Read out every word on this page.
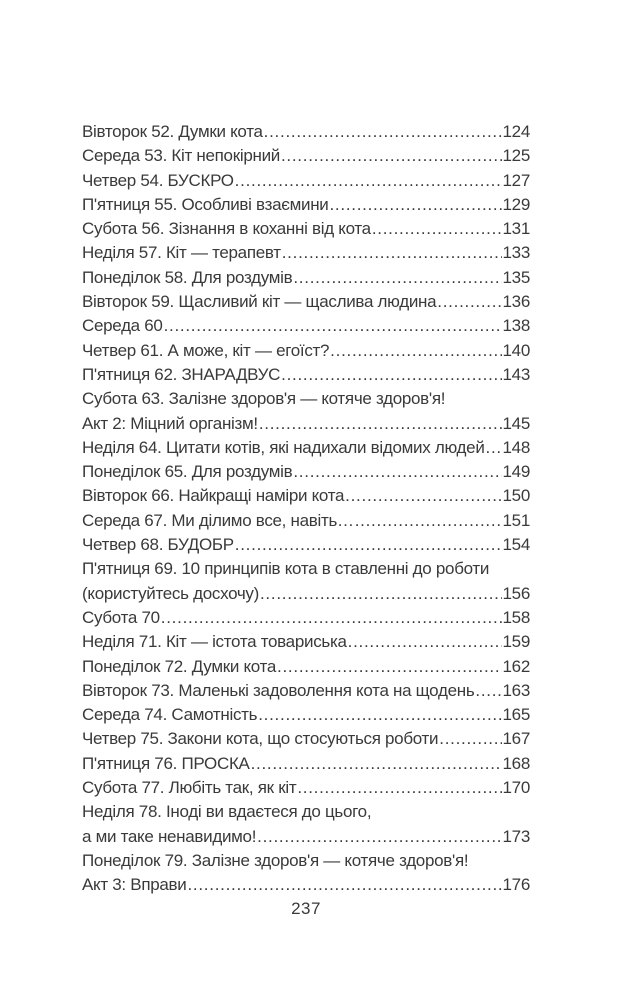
Вівторок 52. Думки кота . . .	124
Середа 53. Кіт непокірний . . .	125
Четвер 54. БУСКРО . . .	127
П'ятниця 55. Особливі взаємини . . .	129
Субота 56. Зізнання в коханні від кота . . .	131
Неділя 57. Кіт — терапевт . . .	133
Понеділок 58. Для роздумів . . .	135
Вівторок 59. Щасливий кіт — щаслива людина . . .	136
Середа 60 . . .	138
Четвер 61. А може, кіт — егоїст? . . .	140
П'ятниця 62. ЗНАРАДВУС . . .	143
Субота 63. Залізне здоров'я — котяче здоров'я!
Акт 2: Міцний організм! . . .	145
Неділя 64. Цитати котів, які надихали відомих людей . . . 148
Понеділок 65. Для роздумів . . .	149
Вівторок 66. Найкращі наміри кота . . .	150
Середа 67. Ми ділимо все, навіть… . . .	151
Четвер 68. БУДОБР . . .	154
П'ятниця 69. 10 принципів кота в ставленні до роботи
(користуйтесь досхочу) . . .	156
Субота 70 . . .	158
Неділя 71. Кіт — істота товариська . . .	159
Понеділок 72. Думки кота . . .	162
Вівторок 73. Маленькі задоволення кота на щодень . . . 163
Середа 74. Самотність . . .	165
Четвер 75. Закони кота, що стосуються роботи . . .	167
П'ятниця 76. ПРОСКА . . .	168
Субота 77. Любіть так, як кіт . . .	170
Неділя 78. Іноді ви вдаєтеся до цього,
а ми таке ненавидимо! . . .	173
Понеділок 79. Залізне здоров'я — котяче здоров'я!
Акт 3: Вправи . . .	176
237
